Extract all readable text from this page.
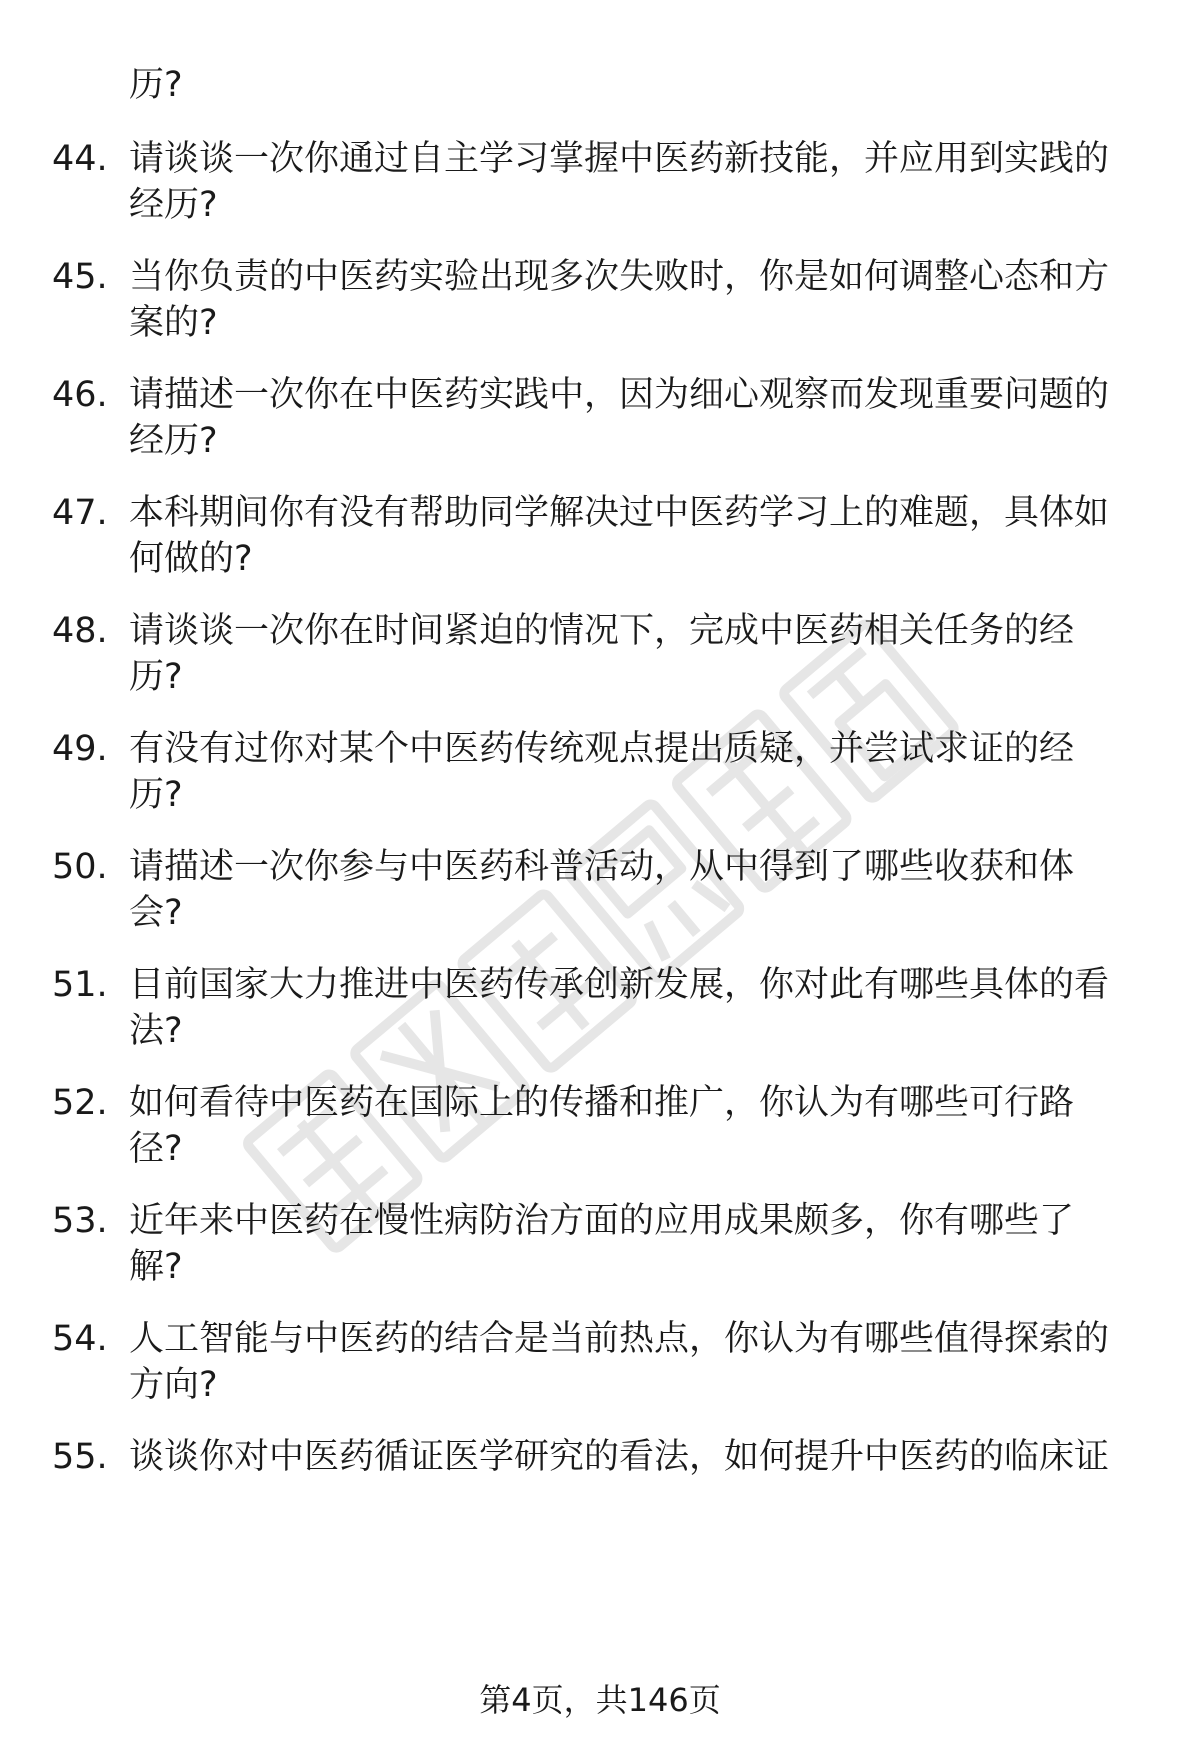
历?
44. 请谈谈一次你通过自主学习掌握中医药新技能，并应用到实践的
经历?
45. 当你负责的中医药实验出现多次失败时，你是如何调整心态和方
案的?
46. 请描述一次你在中医药实践中，因为细心观察而发现重要问题的
经历?
47. 本科期间你有没有帮助同学解决过中医药学习上的难题，具体如
何做的?
48. 请谈谈一次你在时间紧迫的情况下，完成中医药相关任务的经
历?
49. 有没有过你对某个中医药传统观点提出质疑，并尝试求证的经
历?
50. 请描述一次你参与中医药科普活动，从中得到了哪些收获和体
会?
51. 目前国家大力推进中医药传承创新发展，你对此有哪些具体的看
法?
52. 如何看待中医药在国际上的传播和推广，你认为有哪些可行路
径?
53. 近年来中医药在慢性病防治方面的应用成果颇多，你有哪些了
解?
54. 人工智能与中医药的结合是当前热点，你认为有哪些值得探索的
方向?
55. 谈谈你对中医药循证医学研究的看法，如何提升中医药的临床证
第4页，共146页
